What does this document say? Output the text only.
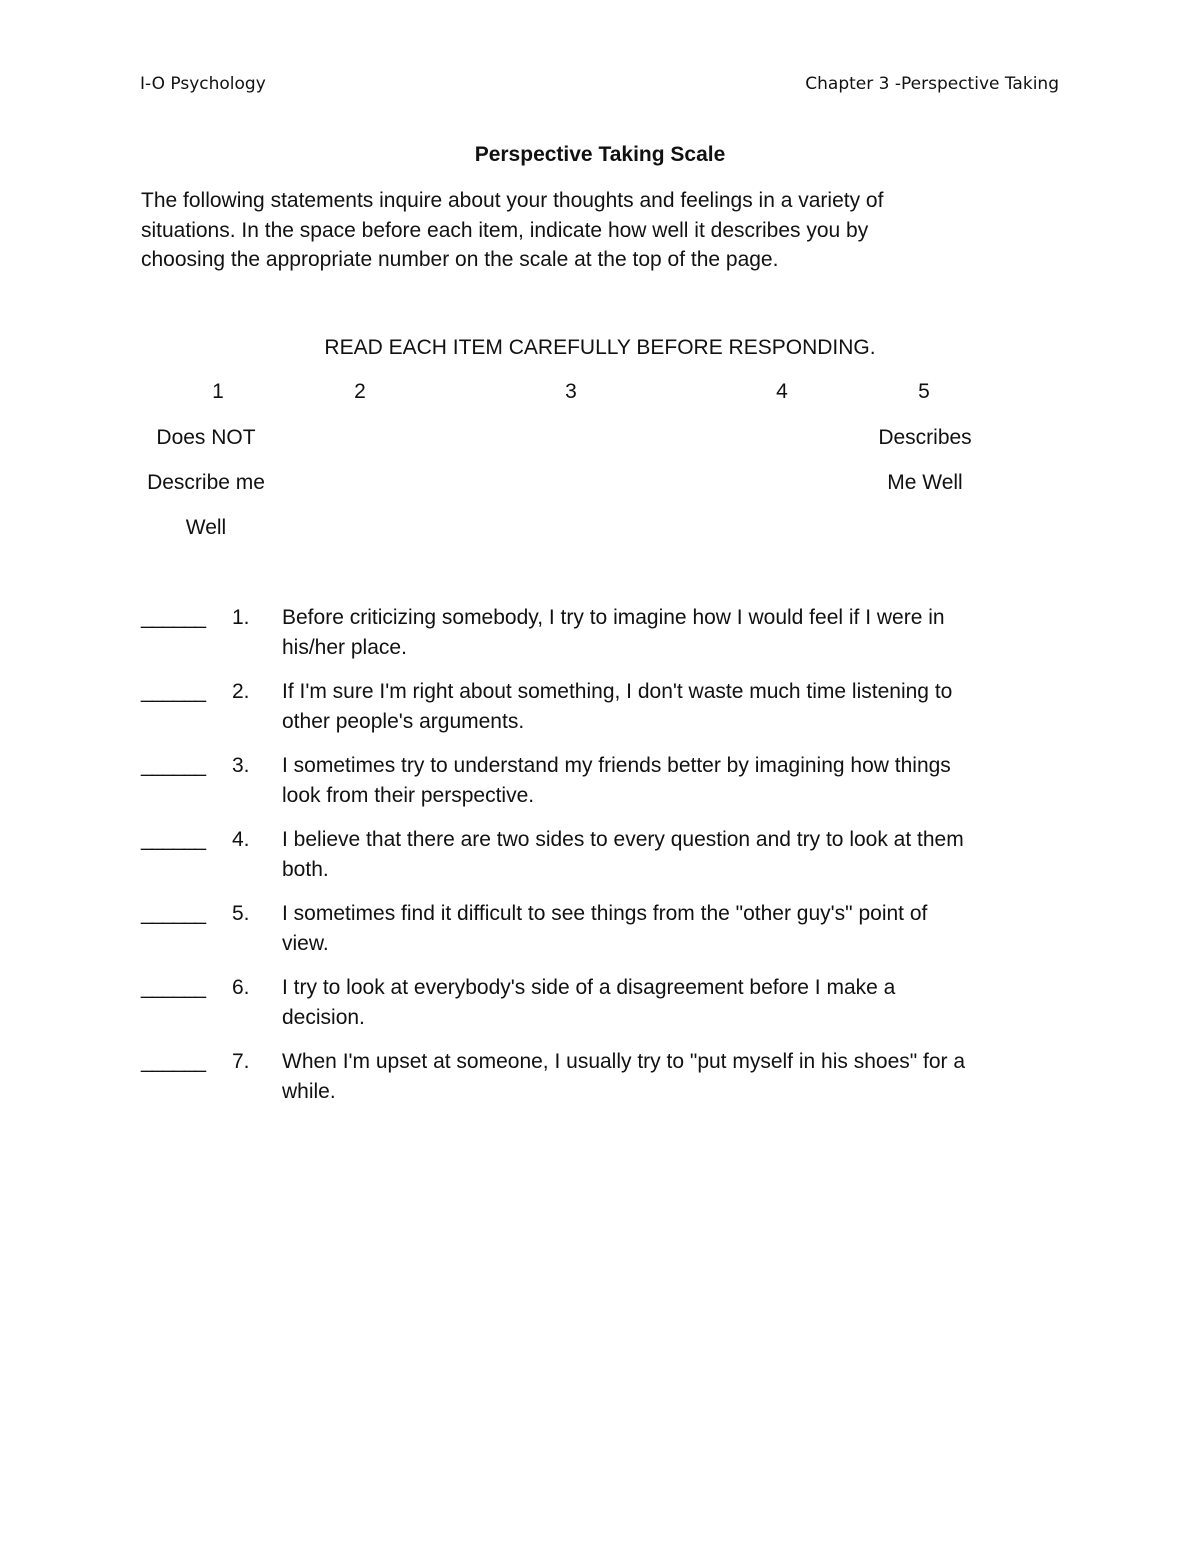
I-O Psychology	Chapter 3 -Perspective Taking
Perspective Taking Scale
The following statements inquire about your thoughts and feelings in a variety of
situations. In the space before each item, indicate how well it describes you by
choosing the appropriate number on the scale at the top of the page.
READ EACH ITEM CAREFULLY BEFORE RESPONDING.
1	2	3	4	5
Does NOT
Describe me
Well
Describes
Me Well
______ 1. Before criticizing somebody, I try to imagine how I would feel if I were in
his/her place.
______ 2. If I'm sure I'm right about something, I don't waste much time listening to
other people's arguments.
______ 3. I sometimes try to understand my friends better by imagining how things
look from their perspective.
______ 4. I believe that there are two sides to every question and try to look at them
both.
______ 5. I sometimes find it difficult to see things from the "other guy's" point of
view.
______ 6. I try to look at everybody's side of a disagreement before I make a
decision.
______ 7. When I'm upset at someone, I usually try to "put myself in his shoes" for a
while.
